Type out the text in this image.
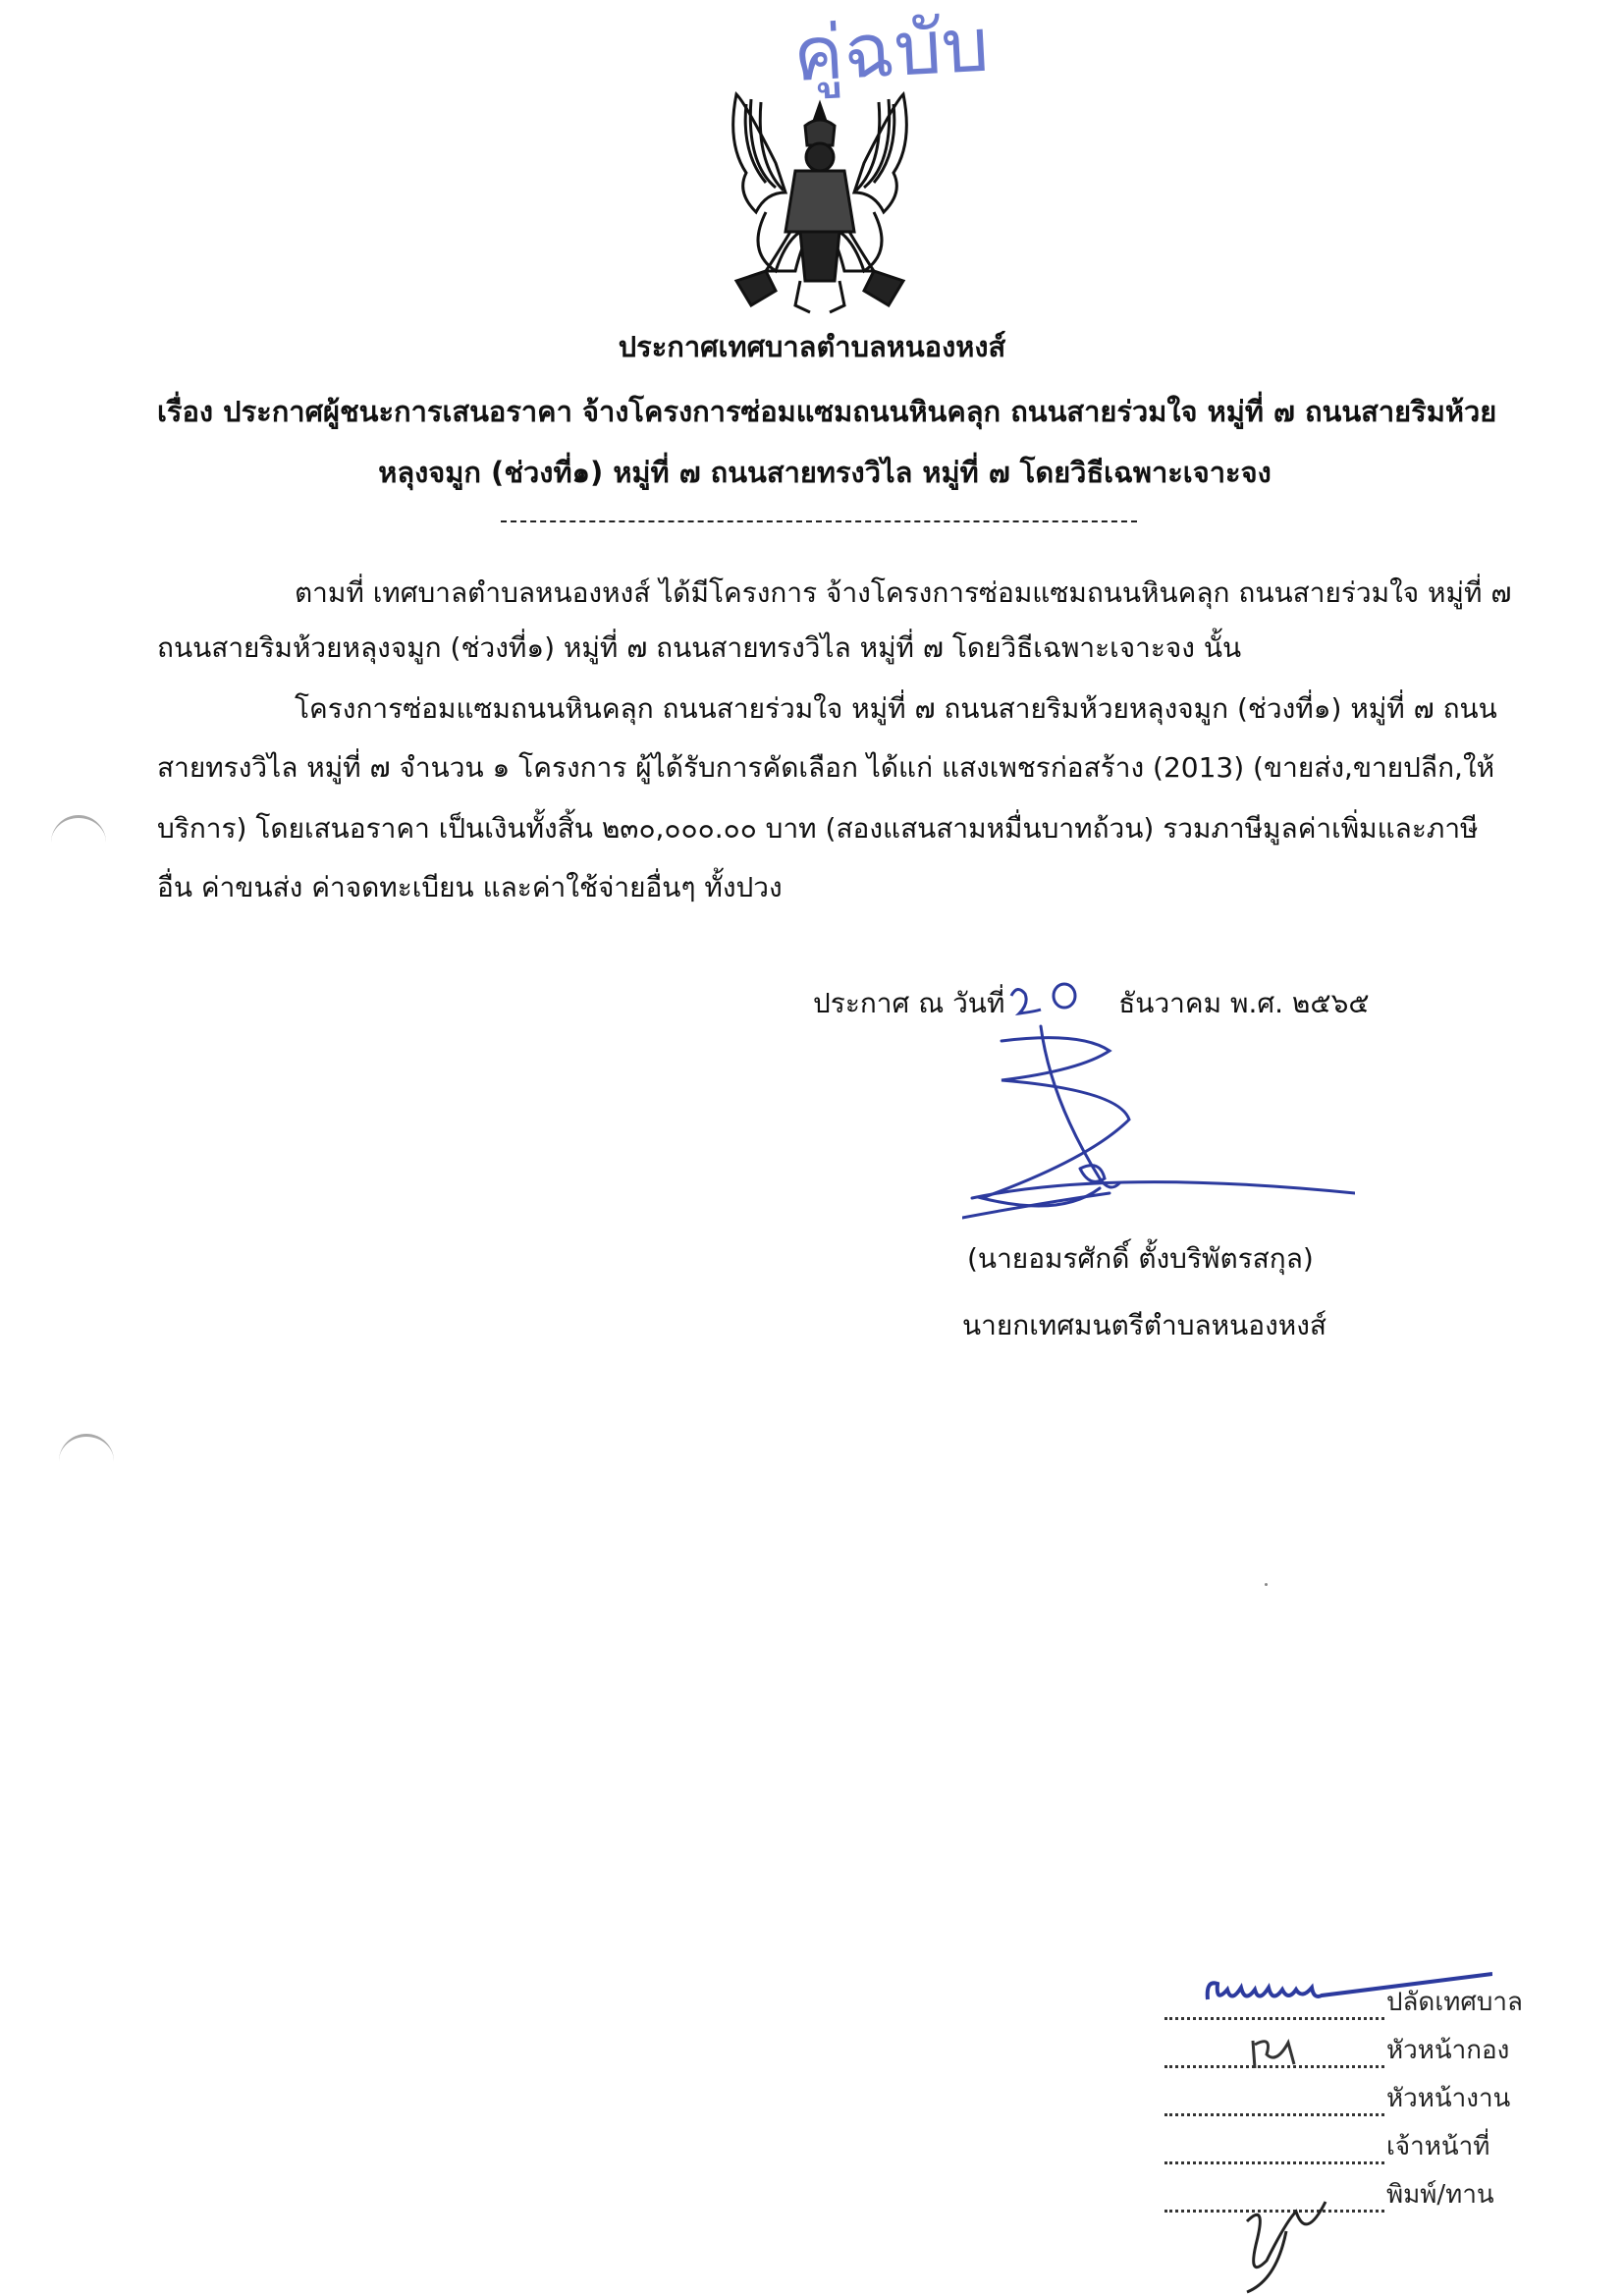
คู่ฉบับ
ประกาศเทศบาลตำบลหนองหงส์
เรื่อง ประกาศผู้ชนะการเสนอราคา จ้างโครงการซ่อมแซมถนนหินคลุก ถนนสายร่วมใจ หมู่ที่ ๗ ถนนสายริมห้วย
หลุงจมูก (ช่วงที่๑) หมู่ที่ ๗ ถนนสายทรงวิไล หมู่ที่ ๗ โดยวิธีเฉพาะเจาะจง
ตามที่ เทศบาลตำบลหนองหงส์ ได้มีโครงการ จ้างโครงการซ่อมแซมถนนหินคลุก ถนนสายร่วมใจ หมู่ที่ ๗
ถนนสายริมห้วยหลุงจมูก (ช่วงที่๑) หมู่ที่ ๗ ถนนสายทรงวิไล หมู่ที่ ๗ โดยวิธีเฉพาะเจาะจง นั้น
โครงการซ่อมแซมถนนหินคลุก ถนนสายร่วมใจ หมู่ที่ ๗ ถนนสายริมห้วยหลุงจมูก (ช่วงที่๑) หมู่ที่ ๗ ถนน
สายทรงวิไล หมู่ที่ ๗ จำนวน ๑ โครงการ ผู้ได้รับการคัดเลือก ได้แก่ แสงเพชรก่อสร้าง (2013) (ขายส่ง,ขายปลีก,ให้
บริการ) โดยเสนอราคา เป็นเงินทั้งสิ้น ๒๓๐,๐๐๐.๐๐ บาท (สองแสนสามหมื่นบาทถ้วน) รวมภาษีมูลค่าเพิ่มและภาษี
อื่น ค่าขนส่ง ค่าจดทะเบียน และค่าใช้จ่ายอื่นๆ ทั้งปวง
ประกาศ ณ วันที่	ธันวาคม พ.ศ. ๒๕๖๕
(นายอมรศักดิ์ ตั้งบริพัตรสกุล)
นายกเทศมนตรีตำบลหนองหงส์
ปลัดเทศบาล
หัวหน้ากอง
หัวหน้างาน
เจ้าหน้าที่
พิมพ์/ทาน
